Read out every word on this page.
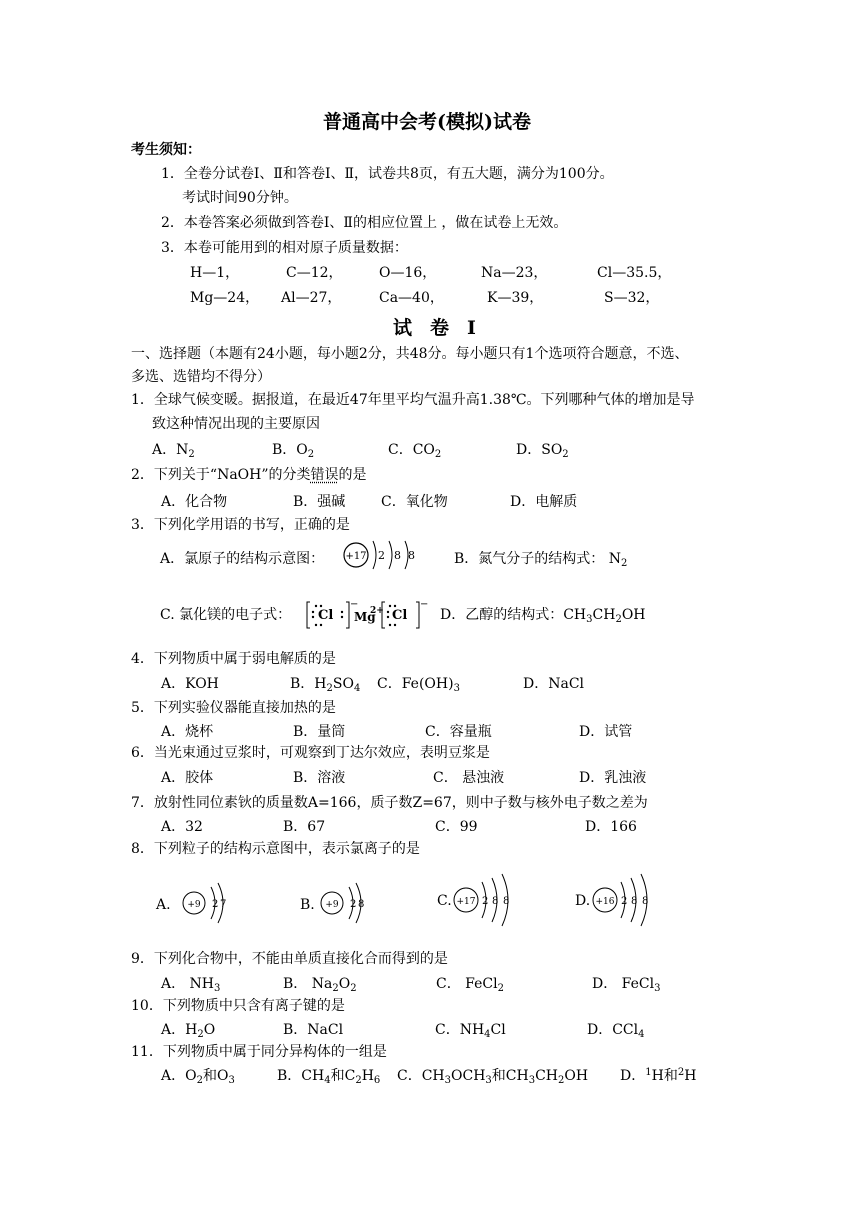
普通高中会考(模拟)试卷
考生须知：
1．全卷分试卷Ⅰ、Ⅱ和答卷Ⅰ、Ⅱ，试卷共8页，有五大题，满分为100分。
考试时间90分钟。
2．本卷答案必须做到答卷Ⅰ、Ⅱ的相应位置上 ，做在试卷上无效。
3．本卷可能用到的相对原子质量数据：
H—1，	C—12，	O—16，	Na—23，	Cl—35.5，
Mg—24， Al—27，	Ca—40，	K—39，	S—32，
试卷Ⅰ
一、选择题（本题有24小题，每小题2分，共48分。每小题只有1个选项符合题意，不选、
多选、选错均不得分）
1．全球气候变暖。据报道，在最近47年里平均气温升高1.38℃。下列哪种气体的增加是导
致这种情况出现的主要原因
A．$N_2$	B．$O_2$	C．$CO_2$	D．$SO_2$
2．下列关于“NaOH”的分类错误的是
A．化合物	B．强碱	C．氧化物	D．电解质
3．下列化学用语的书写，正确的是
A．氯原子的结构示意图： +17 2 8 8	B．氮气分子的结构式： $N_2$
C. 氯化镁的电子式： Cl
−
Mg
2+ Cl
−
D．乙醇的结构式：$CH_3CH_2OH$
4．下列物质中属于弱电解质的是
A．KOH	B．$H_2SO_4$ C．$Fe(OH)_3$	D．NaCl
5．下列实验仪器能直接加热的是
A．烧杯	B．量筒	C．容量瓶	D．试管
6．当光束通过豆浆时，可观察到丁达尔效应，表明豆浆是
A．胶体	B．溶液	C． 悬浊液	D．乳浊液
7．放射性同位素钬的质量数A=166，质子数Z=67，则中子数与核外电子数之差为
A．32	B．67	C．99	D．166
8．下列粒子的结构示意图中，表示氯离子的是
A. +9 2 7	B. +9 2 8	C. +17 2 8 8	D. +16 2 8 8
9．下列化合物中，不能由单质直接化合而得到的是
A． $NH_3$	B． $Na_2O_2$	C． FeCl$_2$	D． FeCl$_3$
10．下列物质中只含有离子键的是
A．$H_2O$	B．NaCl	C．$NH_4Cl$	D．CCl$_4$
11．下列物质中属于同分异构体的一组是
A．$O_2$和$O_3$	B．$CH_4$和$C_2H_6$ C．$CH_3OCH_3$和$CH_3CH_2OH$ D．$^1$H和$^2$H
